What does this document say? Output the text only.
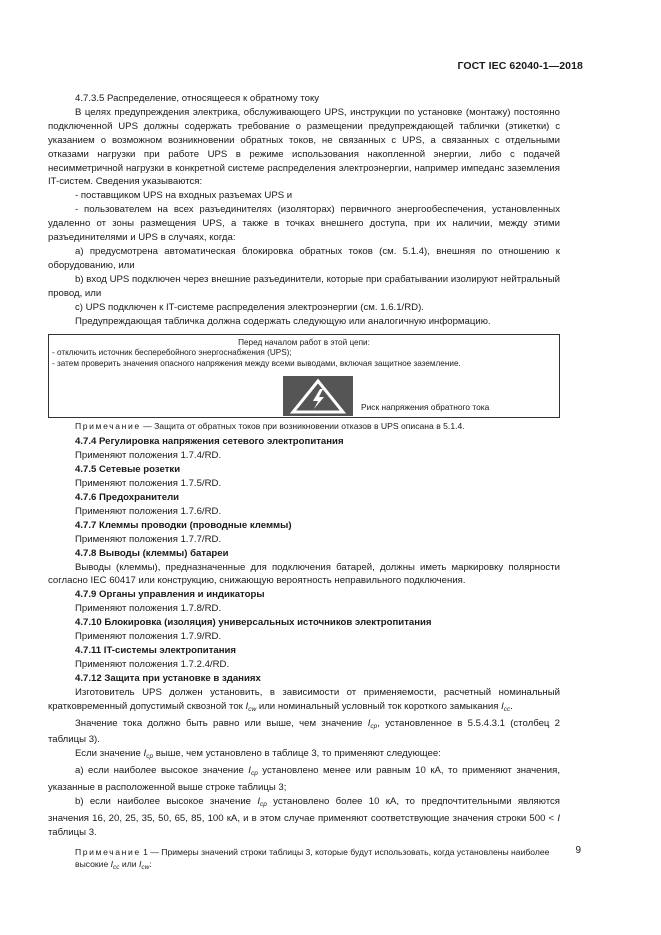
ГОСТ IEC 62040-1—2018

4.7.3.5 Распределение, относящееся к обратному току

В целях предупреждения электрика, обслуживающего UPS, инструкции по установке (монтажу) постоянно подключенной UPS должны содержать требование о размещении предупреждающей таблички (этикетки) с указанием о возможном возникновении обратных токов, не связанных с UPS, а связанных с отдельными отказами нагрузки при работе UPS в режиме использования накопленной энергии, либо с подачей несимметричной нагрузки в конкретной системе распределения электроэнергии, например импеданс заземления IT-систем. Сведения указываются:

- поставщиком UPS на входных разъемах UPS и

- пользователем на всех разъединителях (изоляторах) первичного энергообеспечения, установленных удаленно от зоны размещения UPS, а также в точках внешнего доступа, при их наличии, между этими разъединителями и UPS в случаях, когда:

а) предусмотрена автоматическая блокировка обратных токов (см. 5.1.4), внешняя по отношению к оборудованию, или

b) вход UPS подключен через внешние разъединители, которые при срабатывании изолируют нейтральный провод, или

с) UPS подключен к IT-системе распределения электроэнергии (см. 1.6.1/RD).

Предупреждающая табличка должна содержать следующую или аналогичную информацию.

Перед началом работ в этой цепи:
- отключить источник бесперебойного энергоснабжения (UPS);
- затем проверить значения опасного напряжения между всеми выводами, включая защитное заземление.
Риск напряжения обратного тока

Примечание — Защита от обратных токов при возникновении отказов в UPS описана в 5.1.4.

4.7.4 Регулировка напряжения сетевого электропитания

Применяют положения 1.7.4/RD.

4.7.5 Сетевые розетки

Применяют положения 1.7.5/RD.

4.7.6 Предохранители

Применяют положения 1.7.6/RD.

4.7.7 Клеммы проводки (проводные клеммы)

Применяют положения 1.7.7/RD.

4.7.8 Выводы (клеммы) батареи

Выводы (клеммы), предназначенные для подключения батарей, должны иметь маркировку полярности согласно IEC 60417 или конструкцию, снижающую вероятность неправильного подключения.

4.7.9 Органы управления и индикаторы

Применяют положения 1.7.8/RD.

4.7.10 Блокировка (изоляция) универсальных источников электропитания

Применяют положения 1.7.9/RD.

4.7.11 IT-системы электропитания

Применяют положения 1.7.2.4/RD.

4.7.12 Защита при установке в зданиях

Изготовитель UPS должен установить, в зависимости от применяемости, расчетный номинальный кратковременный допустимый сквозной ток $I_{cw}$ или номинальный условный ток короткого замыкания $I_{cc}$.

Значение тока должно быть равно или выше, чем значение $I_{cp}$, установленное в 5.5.4.3.1 (столбец 2 таблицы 3).

Если значение $I_{cp}$ выше, чем установлено в таблице 3, то применяют следующее:

а) если наиболее высокое значение $I_{cp}$ установлено менее или равным 10 кА, то применяют значения, указанные в расположенной выше строке таблицы 3;

b) если наиболее высокое значение $I_{cp}$ установлено более 10 кА, то предпочтительными являются значения 16, 20, 25, 35, 50, 65, 85, 100 кА, и в этом случае применяют соответствующие значения строки 500 < I таблицы 3.

Примечание 1 — Примеры значений строки таблицы 3, которые будут использовать, когда установлены наиболее высокие $I_{cc}$ или $I_{cw}$:

9
